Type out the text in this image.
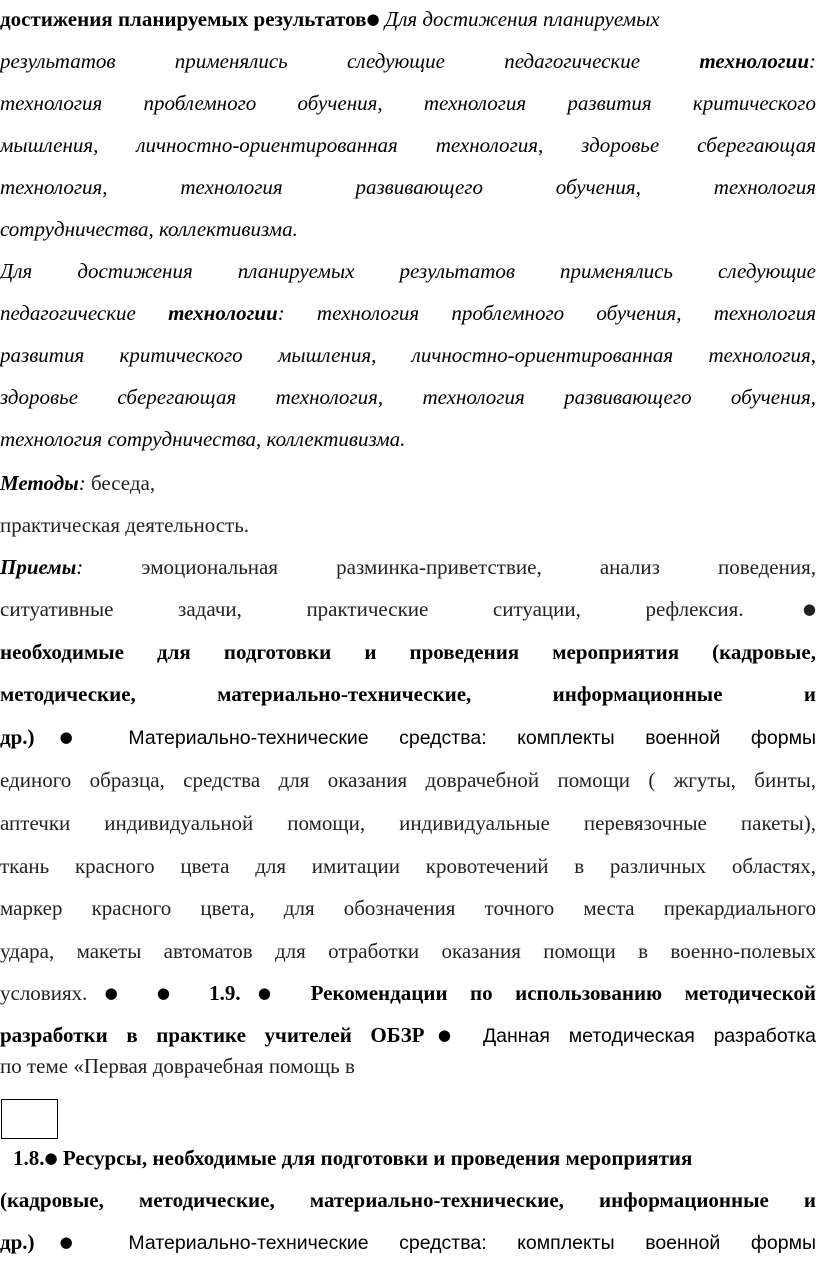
достижения планируемых результатов● Для достижения планируемых
результатов применялись следующие педагогические технологии:
технология проблемного обучения, технология развития критического
мышления, личностно-ориентированная технология, здоровье сберегающая
технология, технология развивающего обучения, технология
сотрудничества, коллективизма.
Для достижения планируемых результатов применялись следующие
педагогические технологии: технология проблемного обучения, технология
развития критического мышления, личностно-ориентированная технология,
здоровье сберегающая технология, технология развивающего обучения,
технология сотрудничества, коллективизма.
Методы: беседа,
практическая деятельность.
Приемы: эмоциональная разминка-приветствие, анализ поведения,
ситуативные задачи, практические ситуации, рефлексия.●
необходимые для подготовки и проведения мероприятия (кадровые,
методические, материально-технические, информационные и
др.)● Материально-технические средства: комплекты военной формы
единого образца, средства для оказания доврачебной помощи ( жгуты, бинты,
аптечки индивидуальной помощи, индивидуальные перевязочные пакеты),
ткань красного цвета для имитации кровотечений в различных областях,
маркер красного цвета, для обозначения точного места прекардиального
удара, макеты автоматов для отработки оказания помощи в военно-полевых
условиях.● ● 1.9.● Рекомендации по использованию методической
разработки в практике учителей ОБЗР● Данная методическая разработка
по теме «Первая доврачебная помощь в
1.8.● Ресурсы, необходимые для подготовки и проведения мероприятия
(кадровые, методические, материально-технические, информационные и
др.)● Материально-технические средства: комплекты военной формы
